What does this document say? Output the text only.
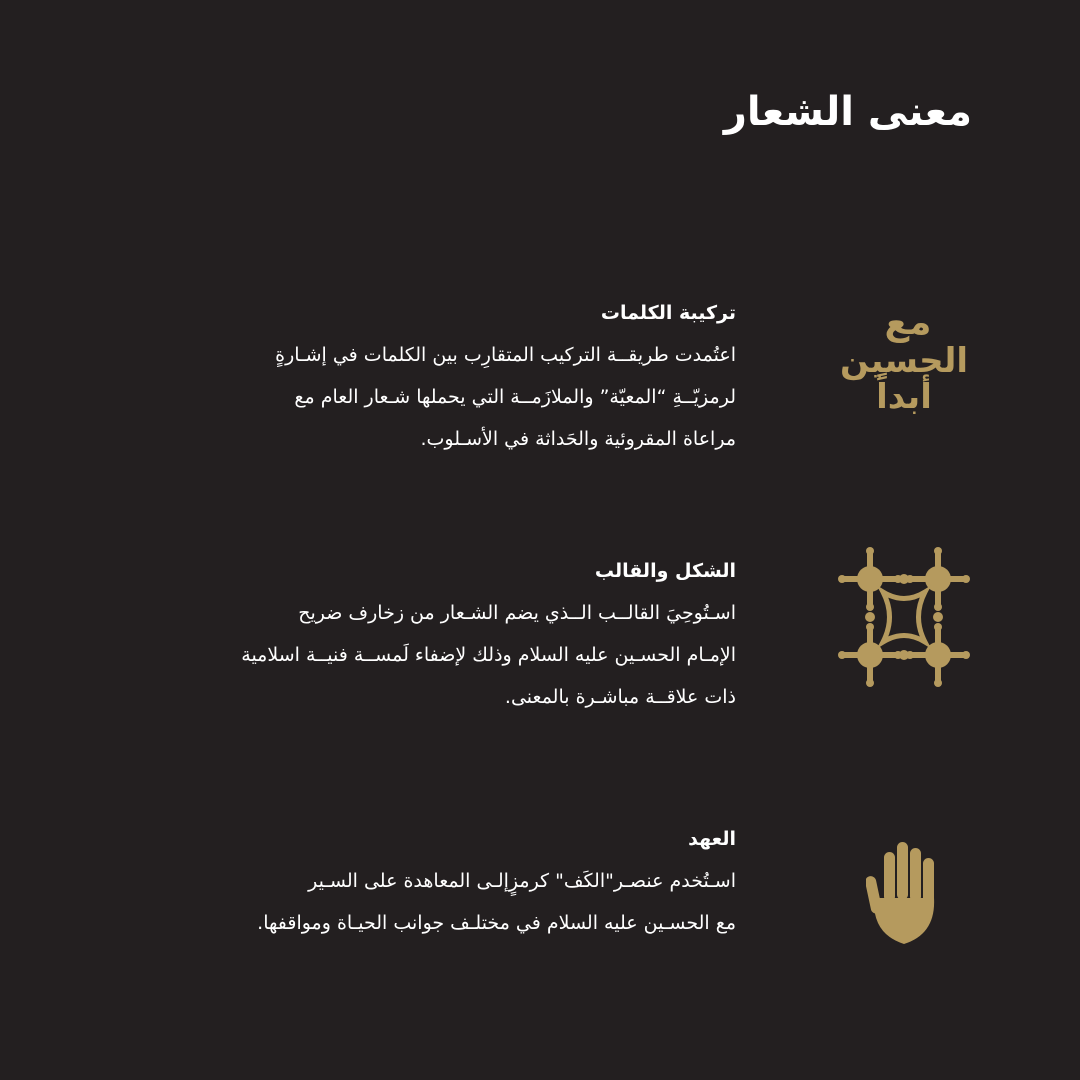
معنى الشعار
تركيبة الكلمات
اعتُمدت طريقــة التركيب المتقارِب بين الكلمات في إشـارةٍ
لرمزيّــةِ “المعيّة” والملازَمــة التي يحملها شـعار العام مع
مراعاة المقروئية والحَداثة في الأسـلوب.
مع
الحسين
أبداً
الشكل والقالب
اسـتُوحِيَ القالــب الــذي يضم الشـعار من زخارف ضريح
الإمـام الحسـين عليه السلام وذلك لإضفاء لَمســة فنيــة اسلامية
ذات علاقــة مباشـرة بالمعنى.
العهد
اسـتُخدم عنصـر"الكَف" كرمزٍإلـى المعاهدة على السـير
مع الحسـين عليه السلام في مختلـف جوانب الحيـاة ومواقفها.
